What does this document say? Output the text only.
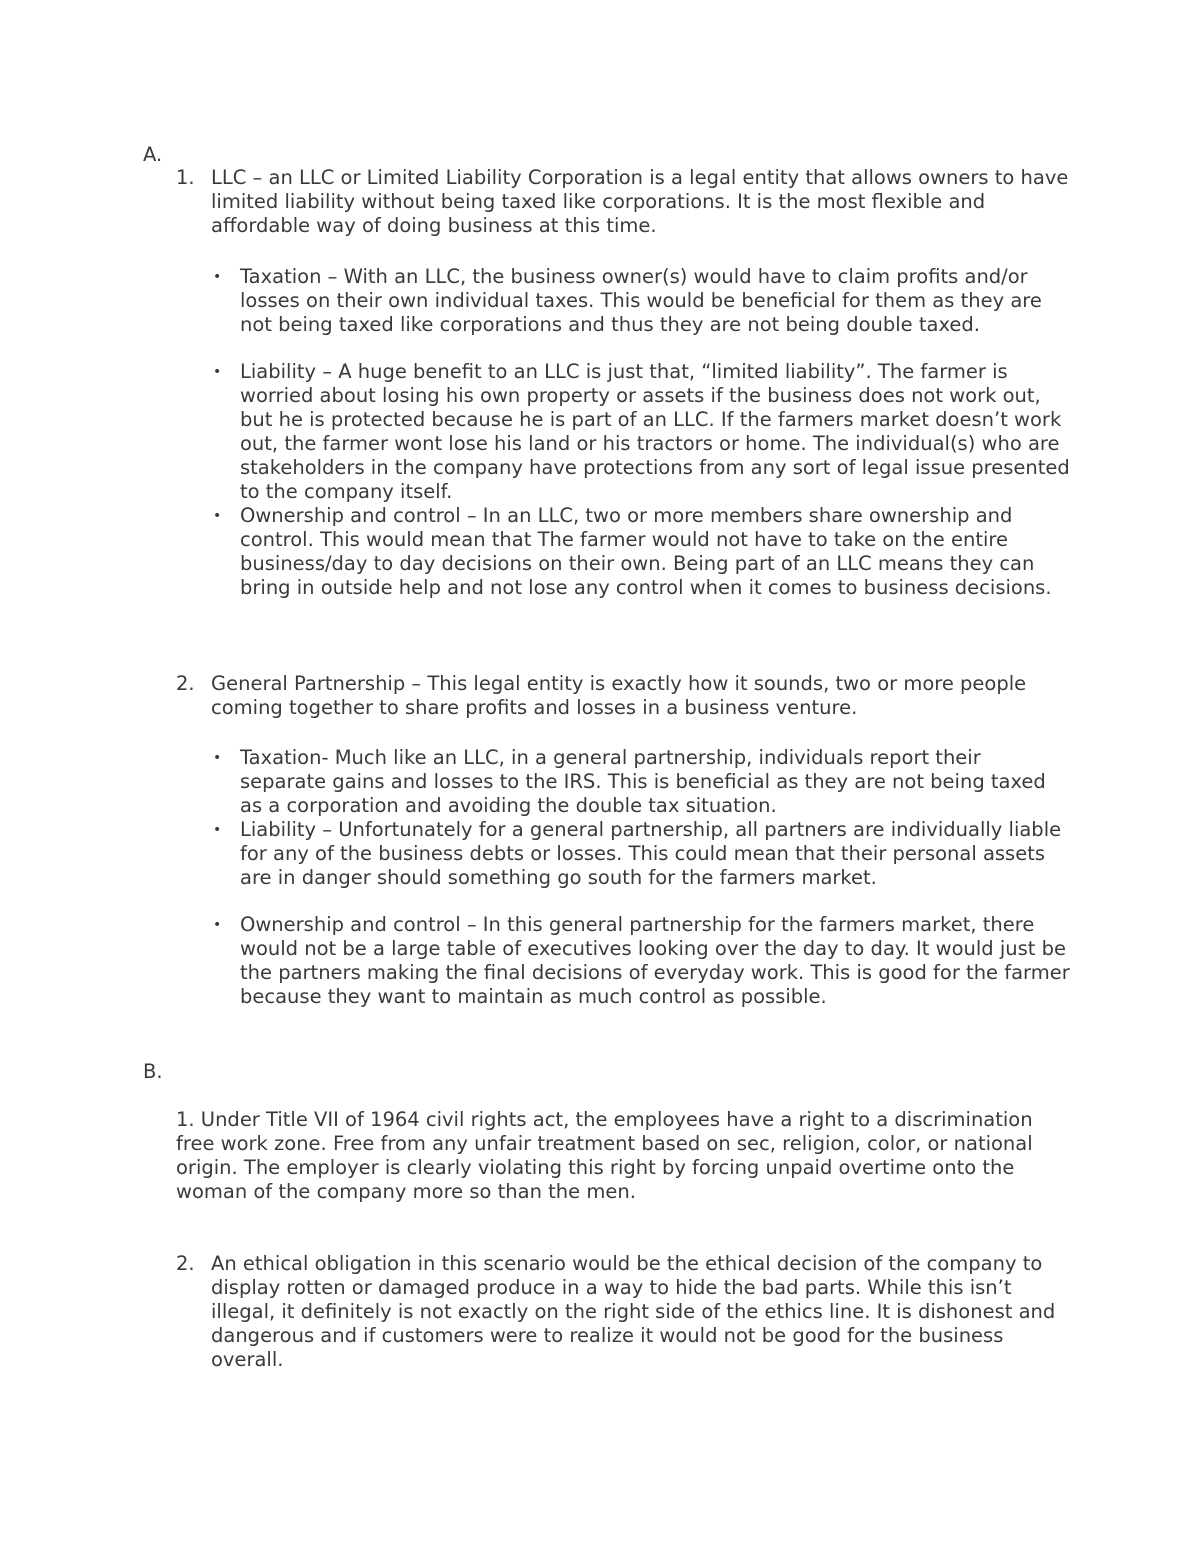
A.
1. LLC – an LLC or Limited Liability Corporation is a legal entity that allows owners to have limited liability without being taxed like corporations. It is the most flexible and affordable way of doing business at this time.

• Taxation – With an LLC, the business owner(s) would have to claim profits and/or losses on their own individual taxes. This would be beneficial for them as they are not being taxed like corporations and thus they are not being double taxed.

• Liability – A huge benefit to an LLC is just that, “limited liability”. The farmer is worried about losing his own property or assets if the business does not work out, but he is protected because he is part of an LLC. If the farmers market doesn’t work out, the farmer wont lose his land or his tractors or home. The individual(s) who are stakeholders in the company have protections from any sort of legal issue presented to the company itself.

• Ownership and control – In an LLC, two or more members share ownership and control. This would mean that The farmer would not have to take on the entire business/day to day decisions on their own. Being part of an LLC means they can bring in outside help and not lose any control when it comes to business decisions.

2. General Partnership – This legal entity is exactly how it sounds, two or more people coming together to share profits and losses in a business venture.

• Taxation- Much like an LLC, in a general partnership, individuals report their separate gains and losses to the IRS. This is beneficial as they are not being taxed as a corporation and avoiding the double tax situation.

• Liability – Unfortunately for a general partnership, all partners are individually liable for any of the business debts or losses. This could mean that their personal assets are in danger should something go south for the farmers market.

• Ownership and control – In this general partnership for the farmers market, there would not be a large table of executives looking over the day to day. It would just be the partners making the final decisions of everyday work. This is good for the farmer because they want to maintain as much control as possible.

B.

1. Under Title VII of 1964 civil rights act, the employees have a right to a discrimination free work zone. Free from any unfair treatment based on sec, religion, color, or national origin. The employer is clearly violating this right by forcing unpaid overtime onto the woman of the company more so than the men.

2. An ethical obligation in this scenario would be the ethical decision of the company to display rotten or damaged produce in a way to hide the bad parts. While this isn’t illegal, it definitely is not exactly on the right side of the ethics line. It is dishonest and dangerous and if customers were to realize it would not be good for the business overall.
